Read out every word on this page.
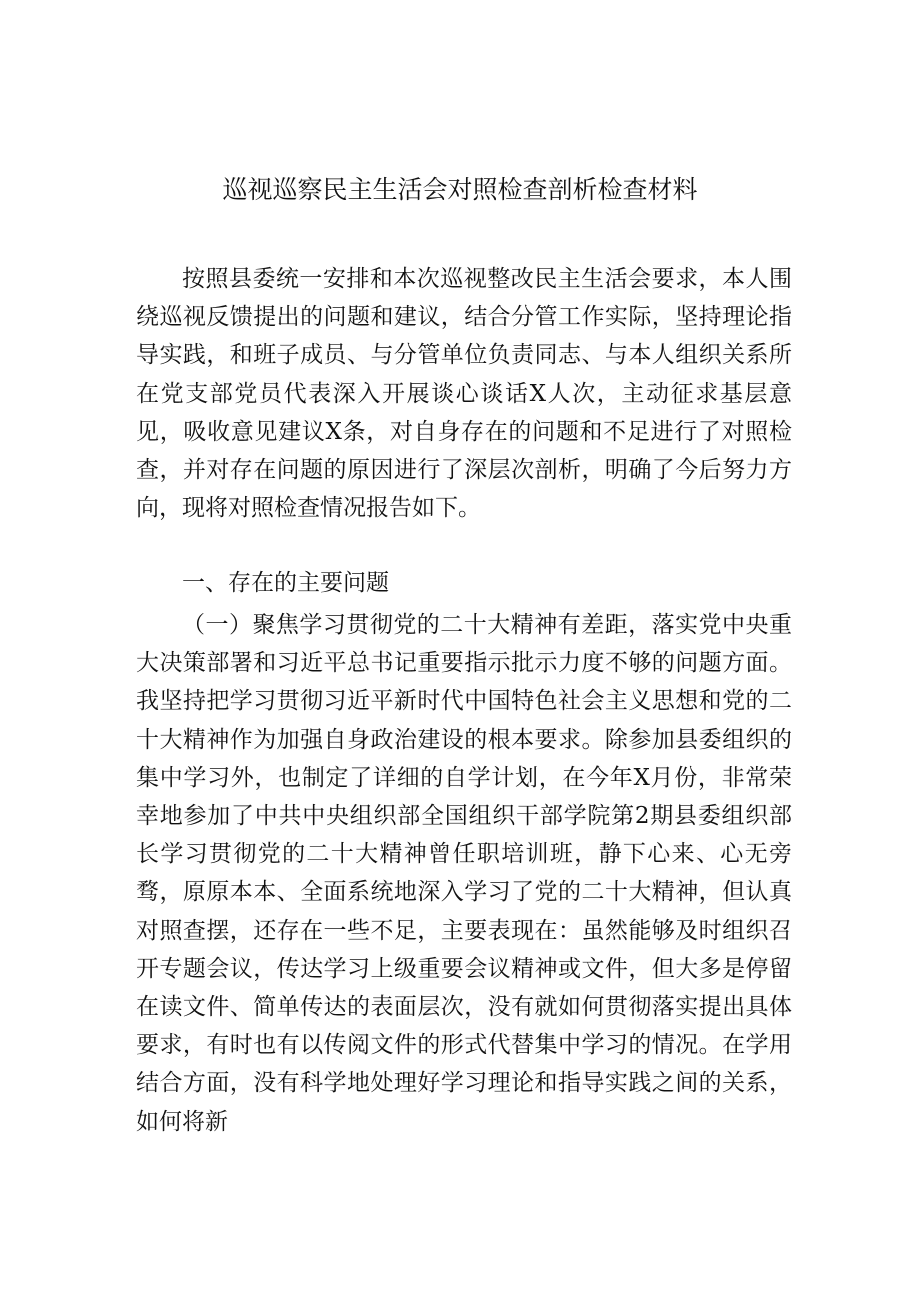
巡视巡察民主生活会对照检查剖析检查材料

按照县委统一安排和本次巡视整改民主生活会要求，本人围绕巡视反馈提出的问题和建议，结合分管工作实际，坚持理论指导实践，和班子成员、与分管单位负责同志、与本人组织关系所在党支部党员代表深入开展谈心谈话X人次，主动征求基层意见，吸收意见建议X条，对自身存在的问题和不足进行了对照检查，并对存在问题的原因进行了深层次剖析，明确了今后努力方向，现将对照检查情况报告如下。

一、存在的主要问题

（一）聚焦学习贯彻党的二十大精神有差距，落实党中央重大决策部署和习近平总书记重要指示批示力度不够的问题方面。我坚持把学习贯彻习近平新时代中国特色社会主义思想和党的二十大精神作为加强自身政治建设的根本要求。除参加县委组织的集中学习外，也制定了详细的自学计划，在今年X月份，非常荣幸地参加了中共中央组织部全国组织干部学院第2期县委组织部长学习贯彻党的二十大精神曾任职培训班，静下心来、心无旁骛，原原本本、全面系统地深入学习了党的二十大精神，但认真对照查摆，还存在一些不足，主要表现在：虽然能够及时组织召开专题会议，传达学习上级重要会议精神或文件，但大多是停留在读文件、简单传达的表面层次，没有就如何贯彻落实提出具体要求，有时也有以传阅文件的形式代替集中学习的情况。在学用结合方面，没有科学地处理好学习理论和指导实践之间的关系，如何将新
